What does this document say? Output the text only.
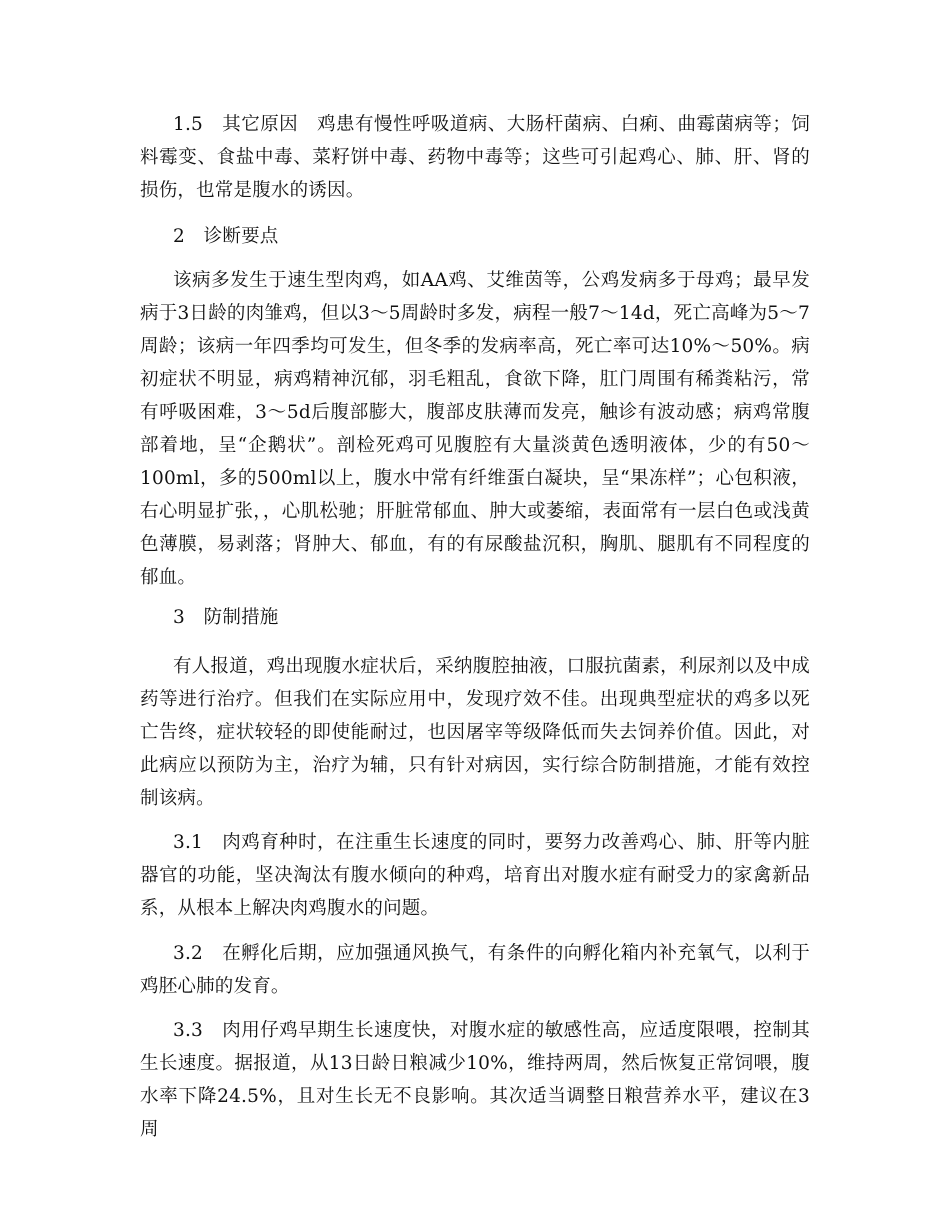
1.5　其它原因　鸡患有慢性呼吸道病、大肠杆菌病、白痢、曲霉菌病等；饲料霉变、食盐中毒、菜籽饼中毒、药物中毒等；这些可引起鸡心、肺、肝、肾的损伤，也常是腹水的诱因。

2　诊断要点

该病多发生于速生型肉鸡，如AA鸡、艾维茵等，公鸡发病多于母鸡；最早发病于3日龄的肉雏鸡，但以3～5周龄时多发，病程一般7～14d，死亡高峰为5～7周龄；该病一年四季均可发生，但冬季的发病率高，死亡率可达10%～50%。病初症状不明显，病鸡精神沉郁，羽毛粗乱，食欲下降，肛门周围有稀粪粘污，常有呼吸困难，3～5d后腹部膨大，腹部皮肤薄而发亮，触诊有波动感；病鸡常腹部着地，呈“企鹅状”。剖检死鸡可见腹腔有大量淡黄色透明液体，少的有50～100ml，多的500ml以上，腹水中常有纤维蛋白凝块，呈“果冻样”；心包积液，右心明显扩张，，心肌松驰；肝脏常郁血、肿大或萎缩，表面常有一层白色或浅黄色薄膜，易剥落；肾肿大、郁血，有的有尿酸盐沉积，胸肌、腿肌有不同程度的郁血。

3　防制措施

有人报道，鸡出现腹水症状后，采纳腹腔抽液，口服抗菌素，利尿剂以及中成药等进行治疗。但我们在实际应用中，发现疗效不佳。出现典型症状的鸡多以死亡告终，症状较轻的即使能耐过，也因屠宰等级降低而失去饲养价值。因此，对此病应以预防为主，治疗为辅，只有针对病因，实行综合防制措施，才能有效控制该病。

3.1　肉鸡育种时，在注重生长速度的同时，要努力改善鸡心、肺、肝等内脏器官的功能，坚决淘汰有腹水倾向的种鸡，培育出对腹水症有耐受力的家禽新品系，从根本上解决肉鸡腹水的问题。

3.2　在孵化后期，应加强通风换气，有条件的向孵化箱内补充氧气，以利于鸡胚心肺的发育。

3.3　肉用仔鸡早期生长速度快，对腹水症的敏感性高，应适度限喂，控制其生长速度。据报道，从13日龄日粮减少10%，维持两周，然后恢复正常饲喂，腹水率下降24.5%，且对生长无不良影响。其次适当调整日粮营养水平，建议在3周
